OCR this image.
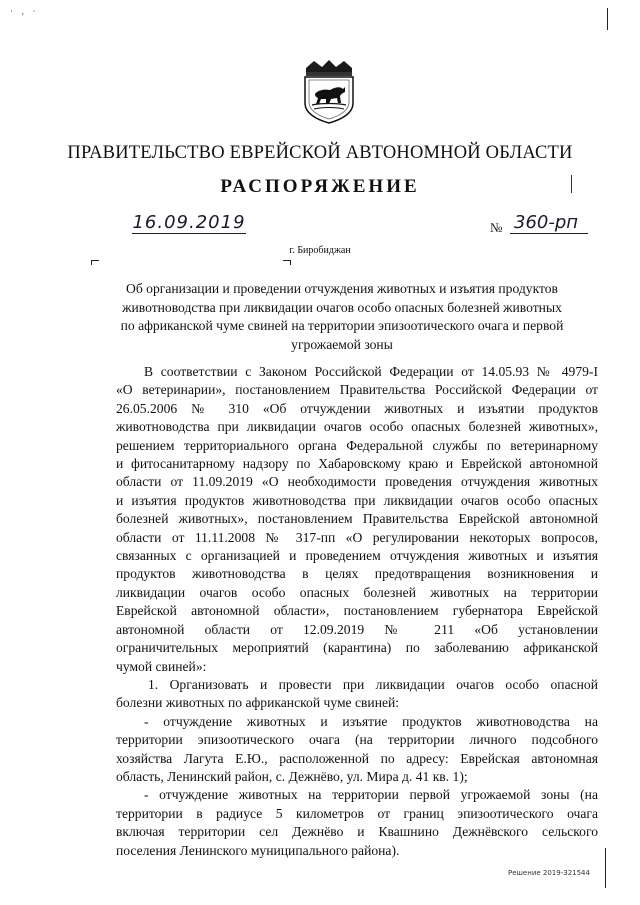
· ‚ ·
ПРАВИТЕЛЬСТВО ЕВРЕЙСКОЙ АВТОНОМНОЙ ОБЛАСТИ
РАСПОРЯЖЕНИЕ
16.09.2019	№ 360-рп
г. Биробиджан
Об организации и проведении отчуждения животных и изъятия продуктов
животноводства при ликвидации очагов особо опасных болезней животных
по африканской чуме свиней на территории эпизоотического очага и первой
угрожаемой зоны
В соответствии с Законом Российской Федерации от 14.05.93 № 4979-I
«О ветеринарии», постановлением Правительства Российской Федерации от
26.05.2006 № 310 «Об отчуждении животных и изъятии продуктов
животноводства при ликвидации очагов особо опасных болезней животных»,
решением территориального органа Федеральной службы по ветеринарному
и фитосанитарному надзору по Хабаровскому краю и Еврейской автономной
области от 11.09.2019 «О необходимости проведения отчуждения животных
и изъятия продуктов животноводства при ликвидации очагов особо опасных
болезней животных», постановлением Правительства Еврейской автономной
области от 11.11.2008 № 317-пп «О регулировании некоторых вопросов,
связанных с организацией и проведением отчуждения животных и изъятия
продуктов животноводства в целях предотвращения возникновения и
ликвидации очагов особо опасных болезней животных на территории
Еврейской автономной области», постановлением губернатора Еврейской
автономной области от 12.09.2019 № 211 «Об установлении
ограничительных мероприятий (карантина) по заболеванию африканской
чумой свиней»:
1. Организовать и провести при ликвидации очагов особо опасной
болезни животных по африканской чуме свиней:
- отчуждение животных и изъятие продуктов животноводства на
территории эпизоотического очага (на территории личного подсобного
хозяйства Лагута Е.Ю., расположенной по адресу: Еврейская автономная
область, Ленинский район, с. Дежнёво, ул. Мира д. 41 кв. 1);
- отчуждение животных на территории первой угрожаемой зоны (на
территории в радиусе 5 километров от границ эпизоотического очага
включая территории сел Дежнёво и Квашнино Дежнёвского сельского
поселения Ленинского муниципального района).
Решение 2019-321544
